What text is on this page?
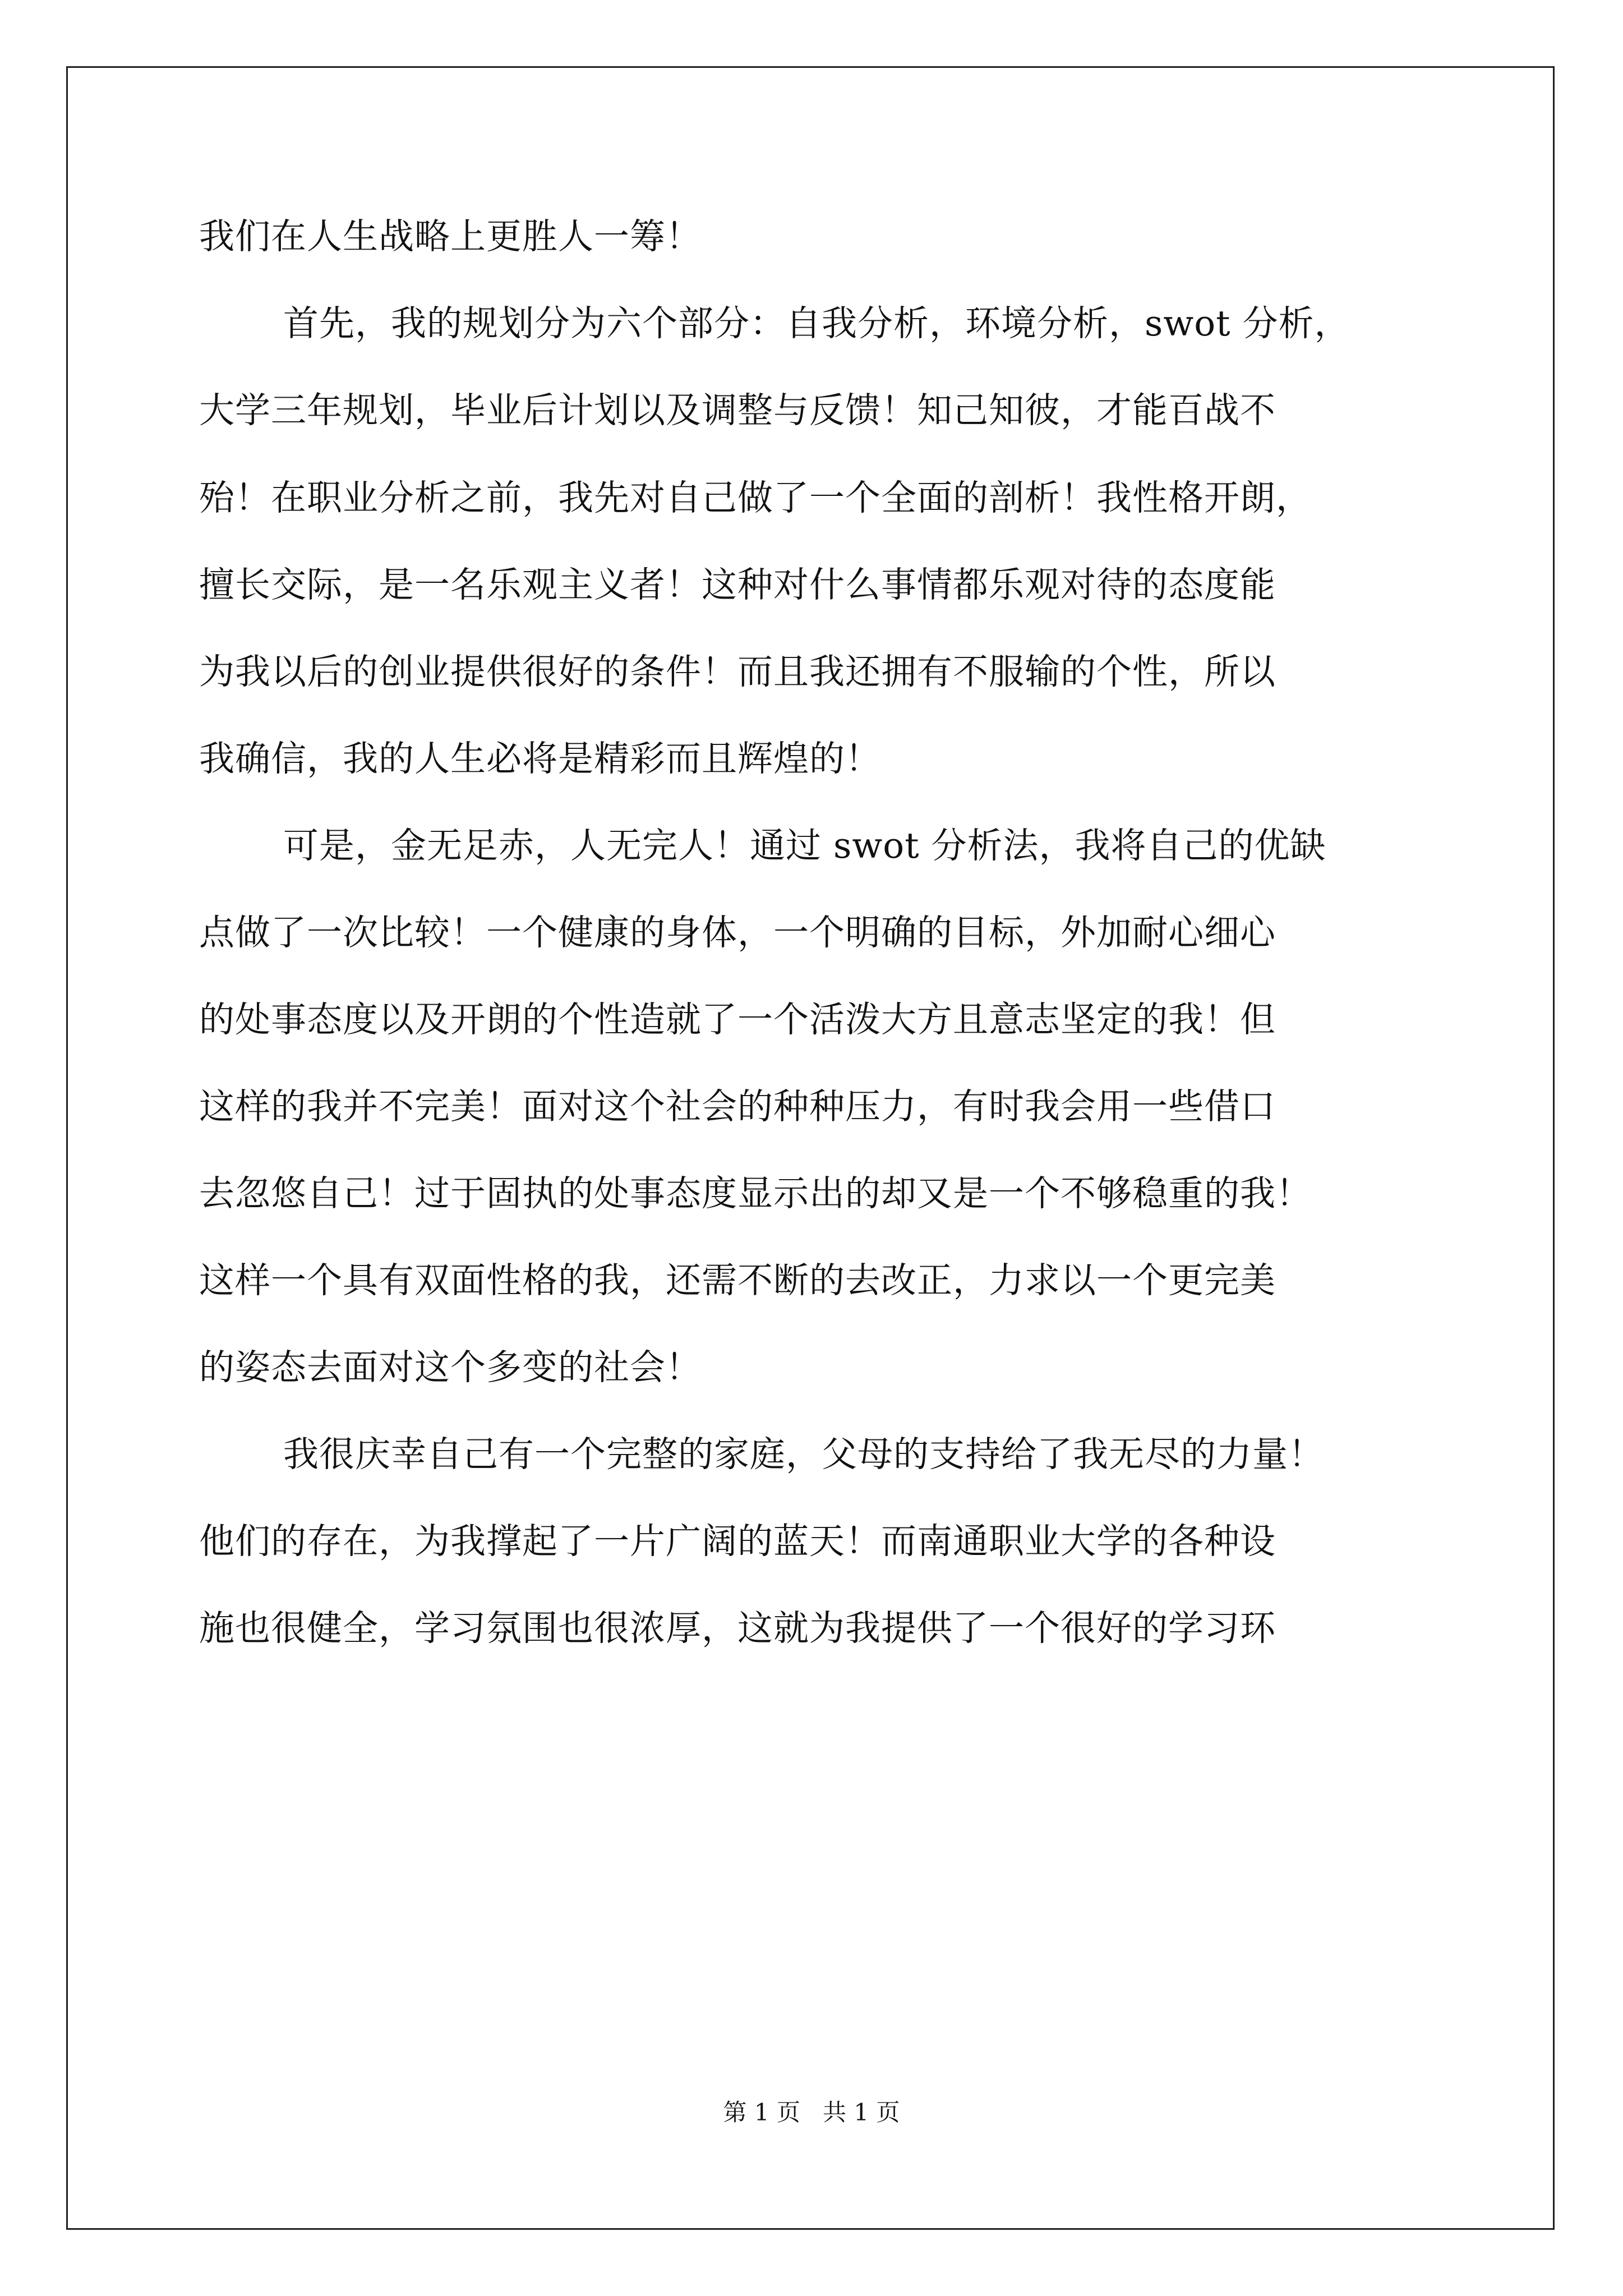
我们在人生战略上更胜人一筹！
首先，我的规划分为六个部分：自我分析，环境分析，swot 分析，
大学三年规划，毕业后计划以及调整与反馈！知己知彼，才能百战不
殆！在职业分析之前，我先对自己做了一个全面的剖析！我性格开朗，
擅长交际，是一名乐观主义者！这种对什么事情都乐观对待的态度能
为我以后的创业提供很好的条件！而且我还拥有不服输的个性，所以
我确信，我的人生必将是精彩而且辉煌的！
可是，金无足赤，人无完人！通过 swot 分析法，我将自己的优缺
点做了一次比较！一个健康的身体，一个明确的目标，外加耐心细心
的处事态度以及开朗的个性造就了一个活泼大方且意志坚定的我！但
这样的我并不完美！面对这个社会的种种压力，有时我会用一些借口
去忽悠自己！过于固执的处事态度显示出的却又是一个不够稳重的我！
这样一个具有双面性格的我，还需不断的去改正，力求以一个更完美
的姿态去面对这个多变的社会！
我很庆幸自己有一个完整的家庭，父母的支持给了我无尽的力量！
他们的存在，为我撑起了一片广阔的蓝天！而南通职业大学的各种设
施也很健全，学习氛围也很浓厚，这就为我提供了一个很好的学习环
第 1 页   共 1 页
